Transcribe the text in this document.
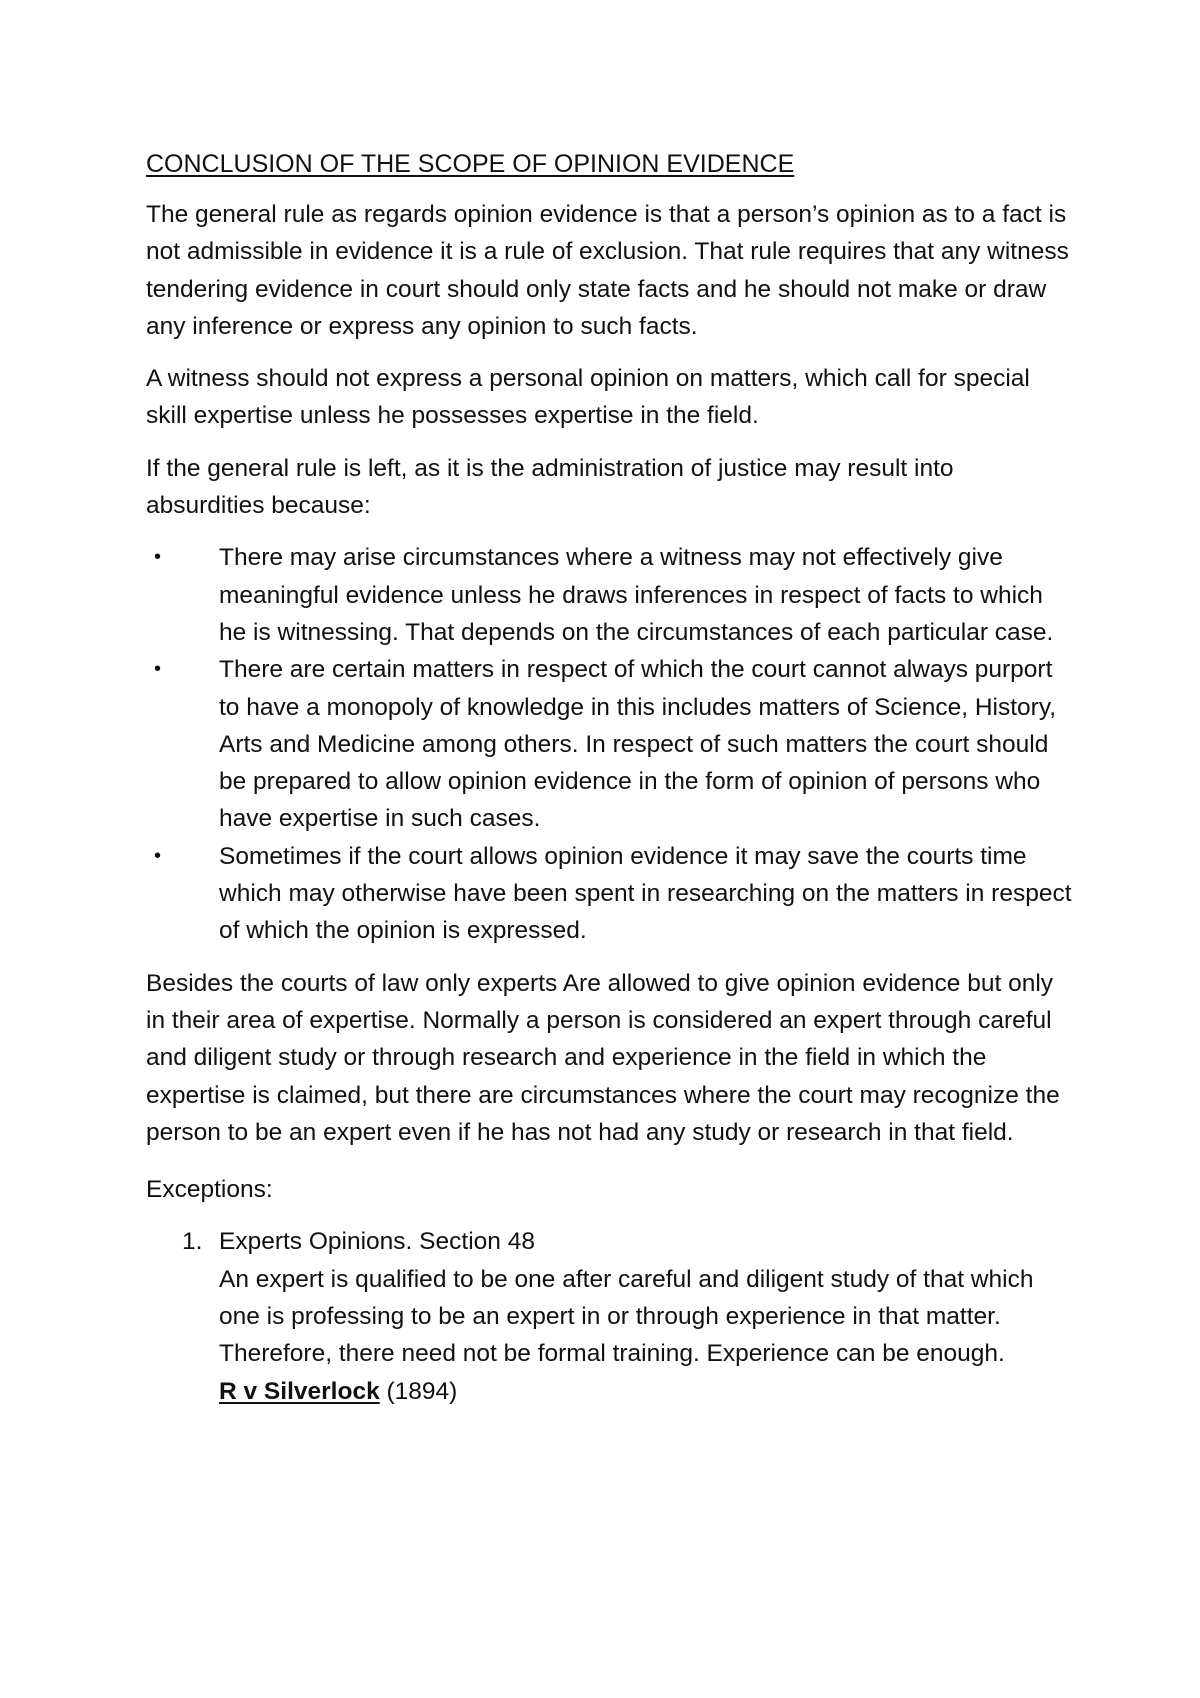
CONCLUSION OF THE SCOPE OF OPINION EVIDENCE

The general rule as regards opinion evidence is that a person’s opinion as to a fact is not admissible in evidence it is a rule of exclusion. That rule requires that any witness tendering evidence in court should only state facts and he should not make or draw any inference or express any opinion to such facts.

A witness should not express a personal opinion on matters, which call for special skill expertise unless he possesses expertise in the field.

If the general rule is left, as it is the administration of justice may result into absurdities because:

• There may arise circumstances where a witness may not effectively give meaningful evidence unless he draws inferences in respect of facts to which he is witnessing. That depends on the circumstances of each particular case.
• There are certain matters in respect of which the court cannot always purport to have a monopoly of knowledge in this includes matters of Science, History, Arts and Medicine among others. In respect of such matters the court should be prepared to allow opinion evidence in the form of opinion of persons who have expertise in such cases.
• Sometimes if the court allows opinion evidence it may save the courts time which may otherwise have been spent in researching on the matters in respect of which the opinion is expressed.

Besides the courts of law only experts Are allowed to give opinion evidence but only in their area of expertise. Normally a person is considered an expert through careful and diligent study or through research and experience in the field in which the expertise is claimed, but there are circumstances where the court may recognize the person to be an expert even if he has not had any study or research in that field.

Exceptions:

1. Experts Opinions. Section 48
An expert is qualified to be one after careful and diligent study of that which one is professing to be an expert in or through experience in that matter. Therefore, there need not be formal training. Experience can be enough.
R v Silverlock (1894)
